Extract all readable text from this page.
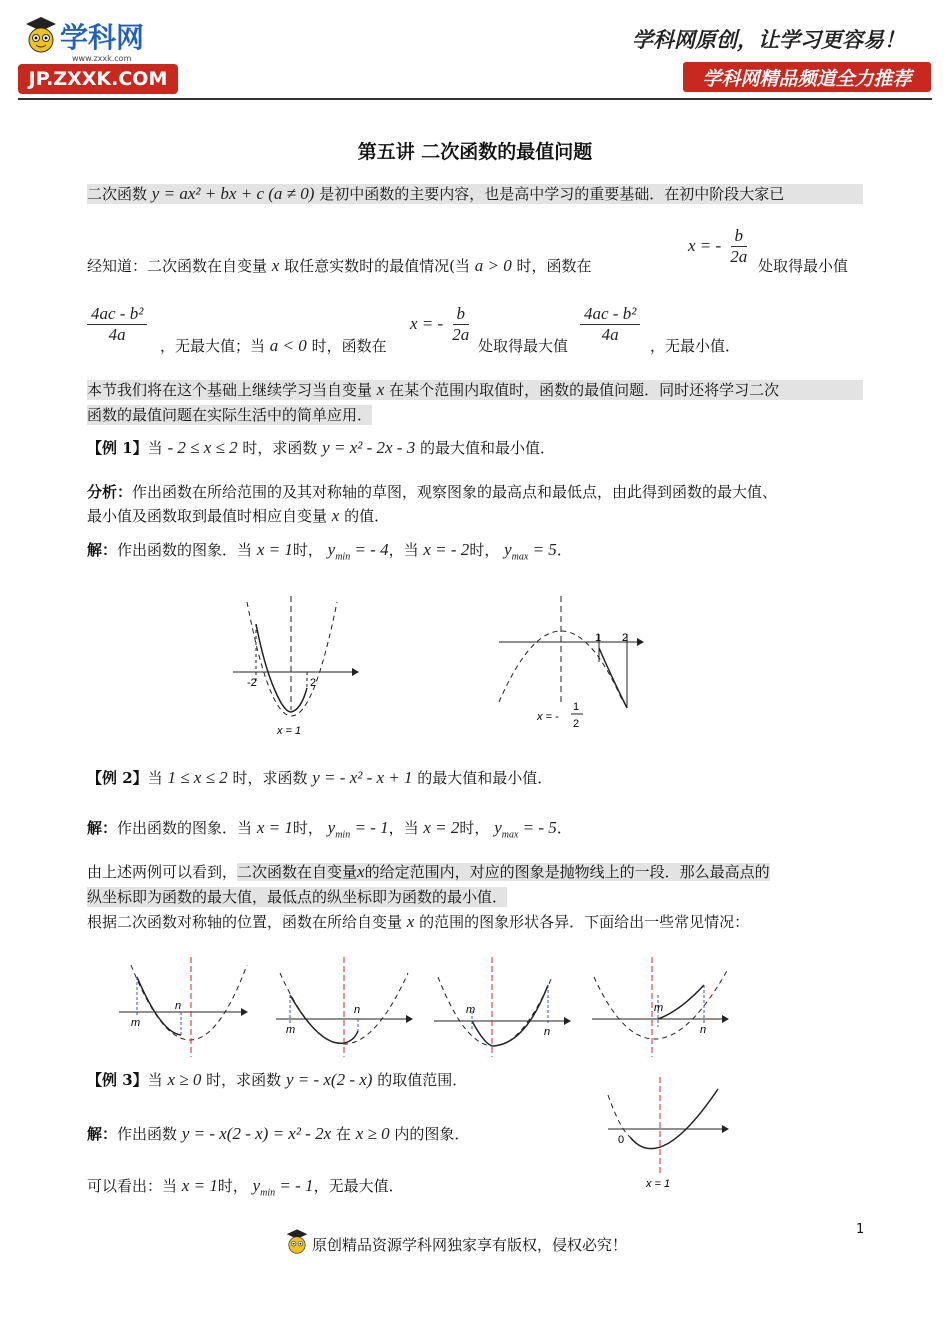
学科网
www.zxxk.com
JP.ZXXK.COM
学科网原创，让学习更容易！
学科网精品频道全力推荐
第五讲 二次函数的最值问题
二次函数 y = ax² + bx + c (a ≠ 0) 是初中函数的主要内容，也是高中学习的重要基础．在初中阶段大家已
经知道：二次函数在自变量 x 取任意实数时的最值情况(当 a > 0 时，函数在
x = - $\frac{b}{2a}$ 处取得最小值
$\frac{\text{4ac - b²}}{4a}$
，无最大值；当 a < 0 时，函数在
x = - $\frac{b}{2a}$
处取得最大值
$\frac{\text{4ac - b²}}{4a}$
，无最小值．
本节我们将在这个基础上继续学习当自变量 x 在某个范围内取值时，函数的最值问题．同时还将学习二次
函数的最值问题在实际生活中的简单应用．
【例 1】当 - 2 ≤ x ≤ 2 时，求函数 y = x² - 2x - 3 的最大值和最小值．
分析：作出函数在所给范围的及其对称轴的草图，观察图象的最高点和最低点，由此得到函数的最大值、
最小值及函数取到最值时相应自变量 x 的值．
解：作出函数的图象．当 x = 1时， $y_{min}$ = - 4，当 x = - 2时， $y_{max} = 5$．
-2	2
x = 1
1 2
x = -
1
2
【例 2】当 1 ≤ x ≤ 2 时，求函数 y = - x² - x + 1 的最大值和最小值．
解：作出函数的图象．当 x = 1时， $y_{min}$ = - 1，当 x = 2时， $y_{max}$ = - 5．
由上述两例可以看到，二次函数在自变量x的给定范围内，对应的图象是抛物线上的一段．那么最高点的
纵坐标即为函数的最大值，最低点的纵坐标即为函数的最小值．
根据二次函数对称轴的位置，函数在所给自变量 x 的范围的图象形状各异．下面给出一些常见情况：
m
n
m
n	m
n
m
n
【例 3】当 x ≥ 0 时，求函数 y = - x(2 - x) 的取值范围．
解：作出函数 y = - x(2 - x) = x² - 2x 在 x ≥ 0 内的图象．
可以看出：当 x = 1时， $y_{min}$ = - 1，无最大值．
0
x = 1
1
原创精品资源学科网独家享有版权，侵权必究！
